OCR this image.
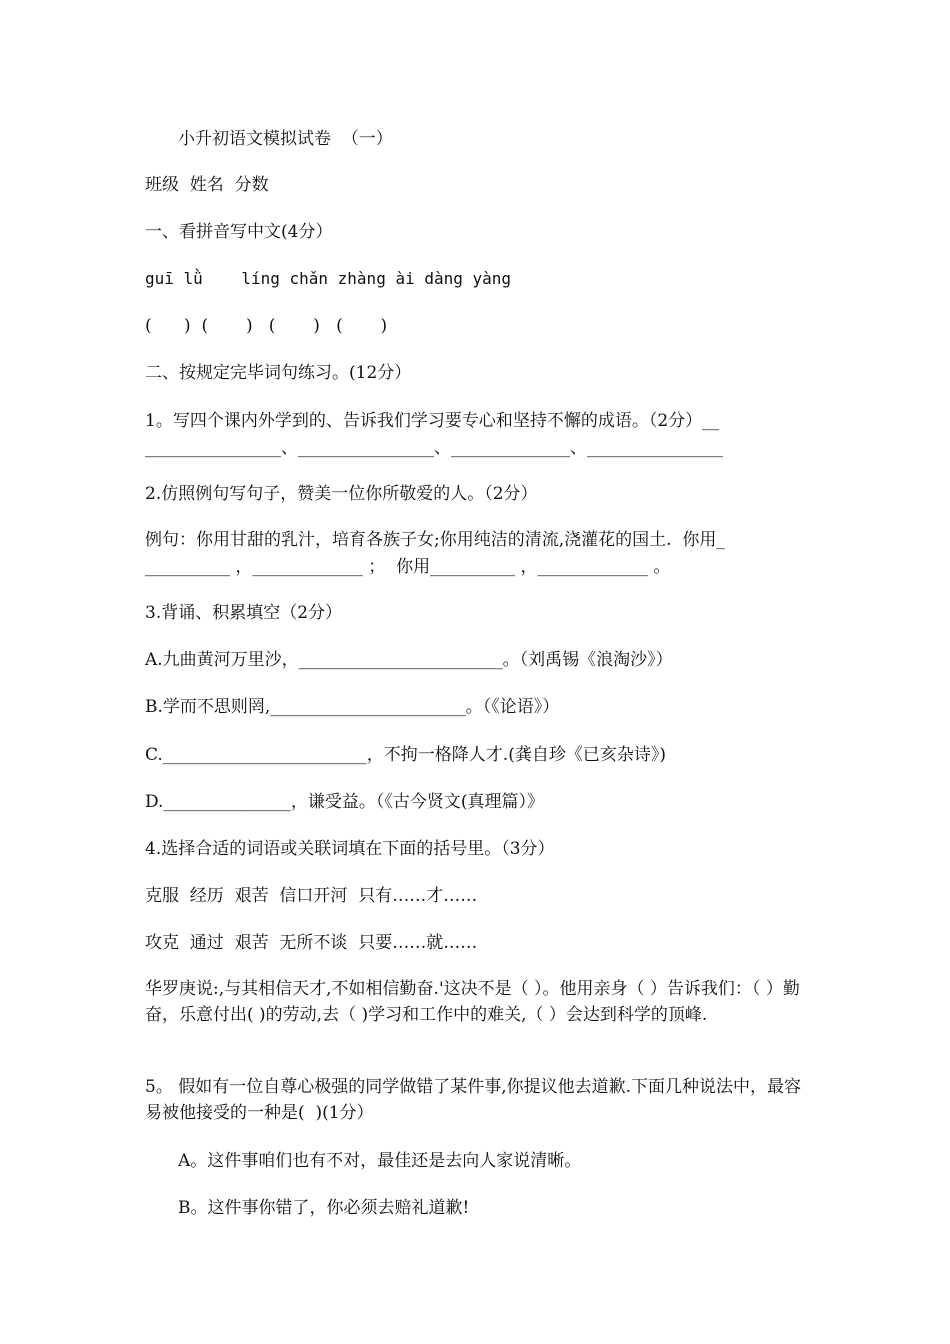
小升初语文模拟试卷  （一）

班级  姓名  分数

一、看拼音写中文(4分）

guī lǜ    líng chǎn zhàng ài dàng yàng

(      )  (       )   (       )   (       )

二、按规定完毕词句练习。(12分）

1。写四个课内外学到的、告诉我们学习要专心和坚持不懈的成语。（2分）__

________________、________________、______________、________________

2.仿照例句写句子，赞美一位你所敬爱的人。（2分）

例句：你用甘甜的乳汁，培育各族子女;你用纯洁的清流,浇灌花的国土.  你用_

__________ ，_____________ ；  你用__________ ，_____________ 。

3.背诵、积累填空（2分）

A.九曲黄河万里沙，________________________。（刘禹锡《浪淘沙》）

B.学而不思则罔,_______________________。（《论语》）

C.________________________，不拘一格降人才.(龚自珍《已亥杂诗》)

D._______________，谦受益。（《古今贤文(真理篇）》

4.选择合适的词语或关联词填在下面的括号里。（3分）

克服  经历  艰苦  信口开河  只有……才……

攻克  通过  艰苦  无所不谈  只要……就……

华罗庚说:,与其相信天才,不如相信勤奋.'这决不是（ ）。他用亲身（ ）告诉我们：（ ）勤奋，乐意付出( )的劳动,去（ )学习和工作中的难关,（ ）会达到科学的顶峰.

5。 假如有一位自尊心极强的同学做错了某件事,你提议他去道歉.下面几种说法中，最容易被他接受的一种是(  )(1分）

A。这件事咱们也有不对，最佳还是去向人家说清晰。

B。这件事你错了，你必须去赔礼道歉!
